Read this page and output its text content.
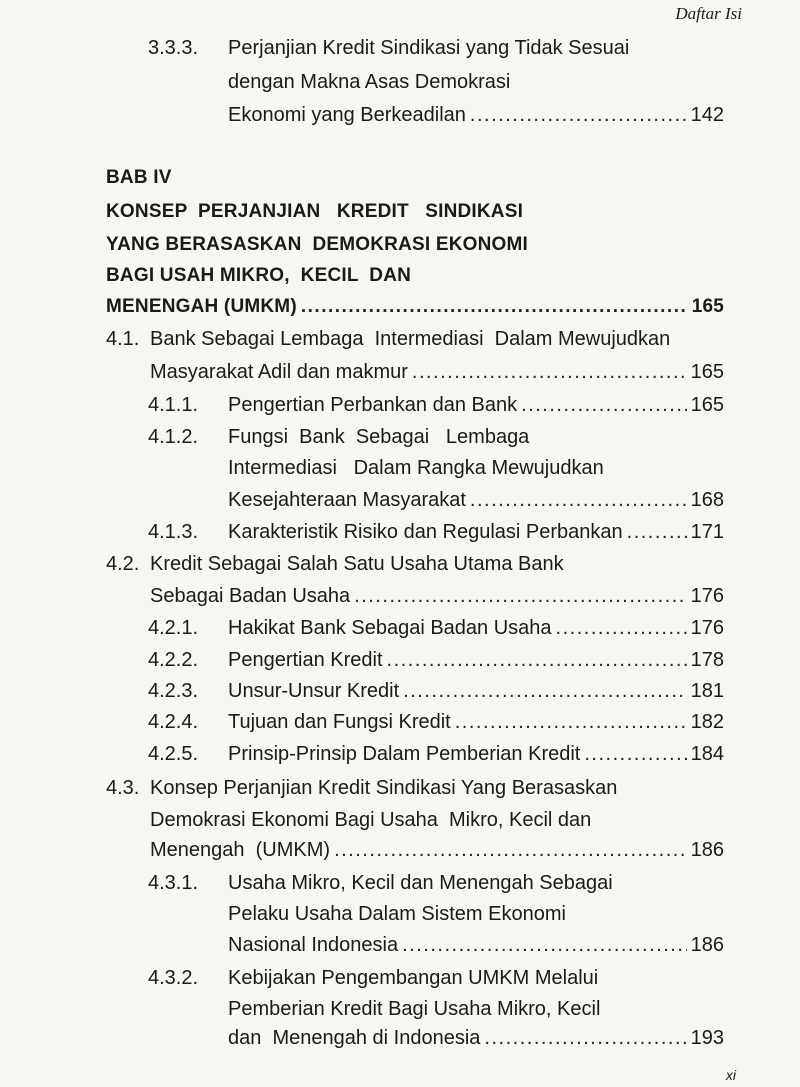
Daftar Isi
3.3.3. Perjanjian Kredit Sindikasi yang Tidak Sesuai
dengan Makna Asas Demokrasi
Ekonomi yang Berkeadilan .....	142
BAB IV
KONSEP  PERJANJIAN   KREDIT   SINDIKASI
YANG BERASASKAN  DEMOKRASI EKONOMI
BAGI USAH MIKRO,  KECIL  DAN
MENENGAH (UMKM) .....	165
4.1. Bank Sebagai Lembaga  Intermediasi  Dalam Mewujudkan
Masyarakat Adil dan makmur .....	165
4.1.1. Pengertian Perbankan dan Bank .....	165
4.1.2. Fungsi  Bank  Sebagai   Lembaga
Intermediasi   Dalam Rangka Mewujudkan
Kesejahteraan Masyarakat .....	168
4.1.3. Karakteristik Risiko dan Regulasi Perbankan .....	171
4.2. Kredit Sebagai Salah Satu Usaha Utama Bank
Sebagai Badan Usaha .....	176
4.2.1. Hakikat Bank Sebagai Badan Usaha .....	176
4.2.2. Pengertian Kredit .....	178
4.2.3. Unsur-Unsur Kredit .....	181
4.2.4. Tujuan dan Fungsi Kredit .....	182
4.2.5. Prinsip-Prinsip Dalam Pemberian Kredit .....	184
4.3. Konsep Perjanjian Kredit Sindikasi Yang Berasaskan
Demokrasi Ekonomi Bagi Usaha  Mikro, Kecil dan
Menengah  (UMKM) .....	186
4.3.1. Usaha Mikro, Kecil dan Menengah Sebagai
Pelaku Usaha Dalam Sistem Ekonomi
Nasional Indonesia .....	186
4.3.2. Kebijakan Pengembangan UMKM Melalui
Pemberian Kredit Bagi Usaha Mikro, Kecil
dan  Menengah di Indonesia .....	193
xi
